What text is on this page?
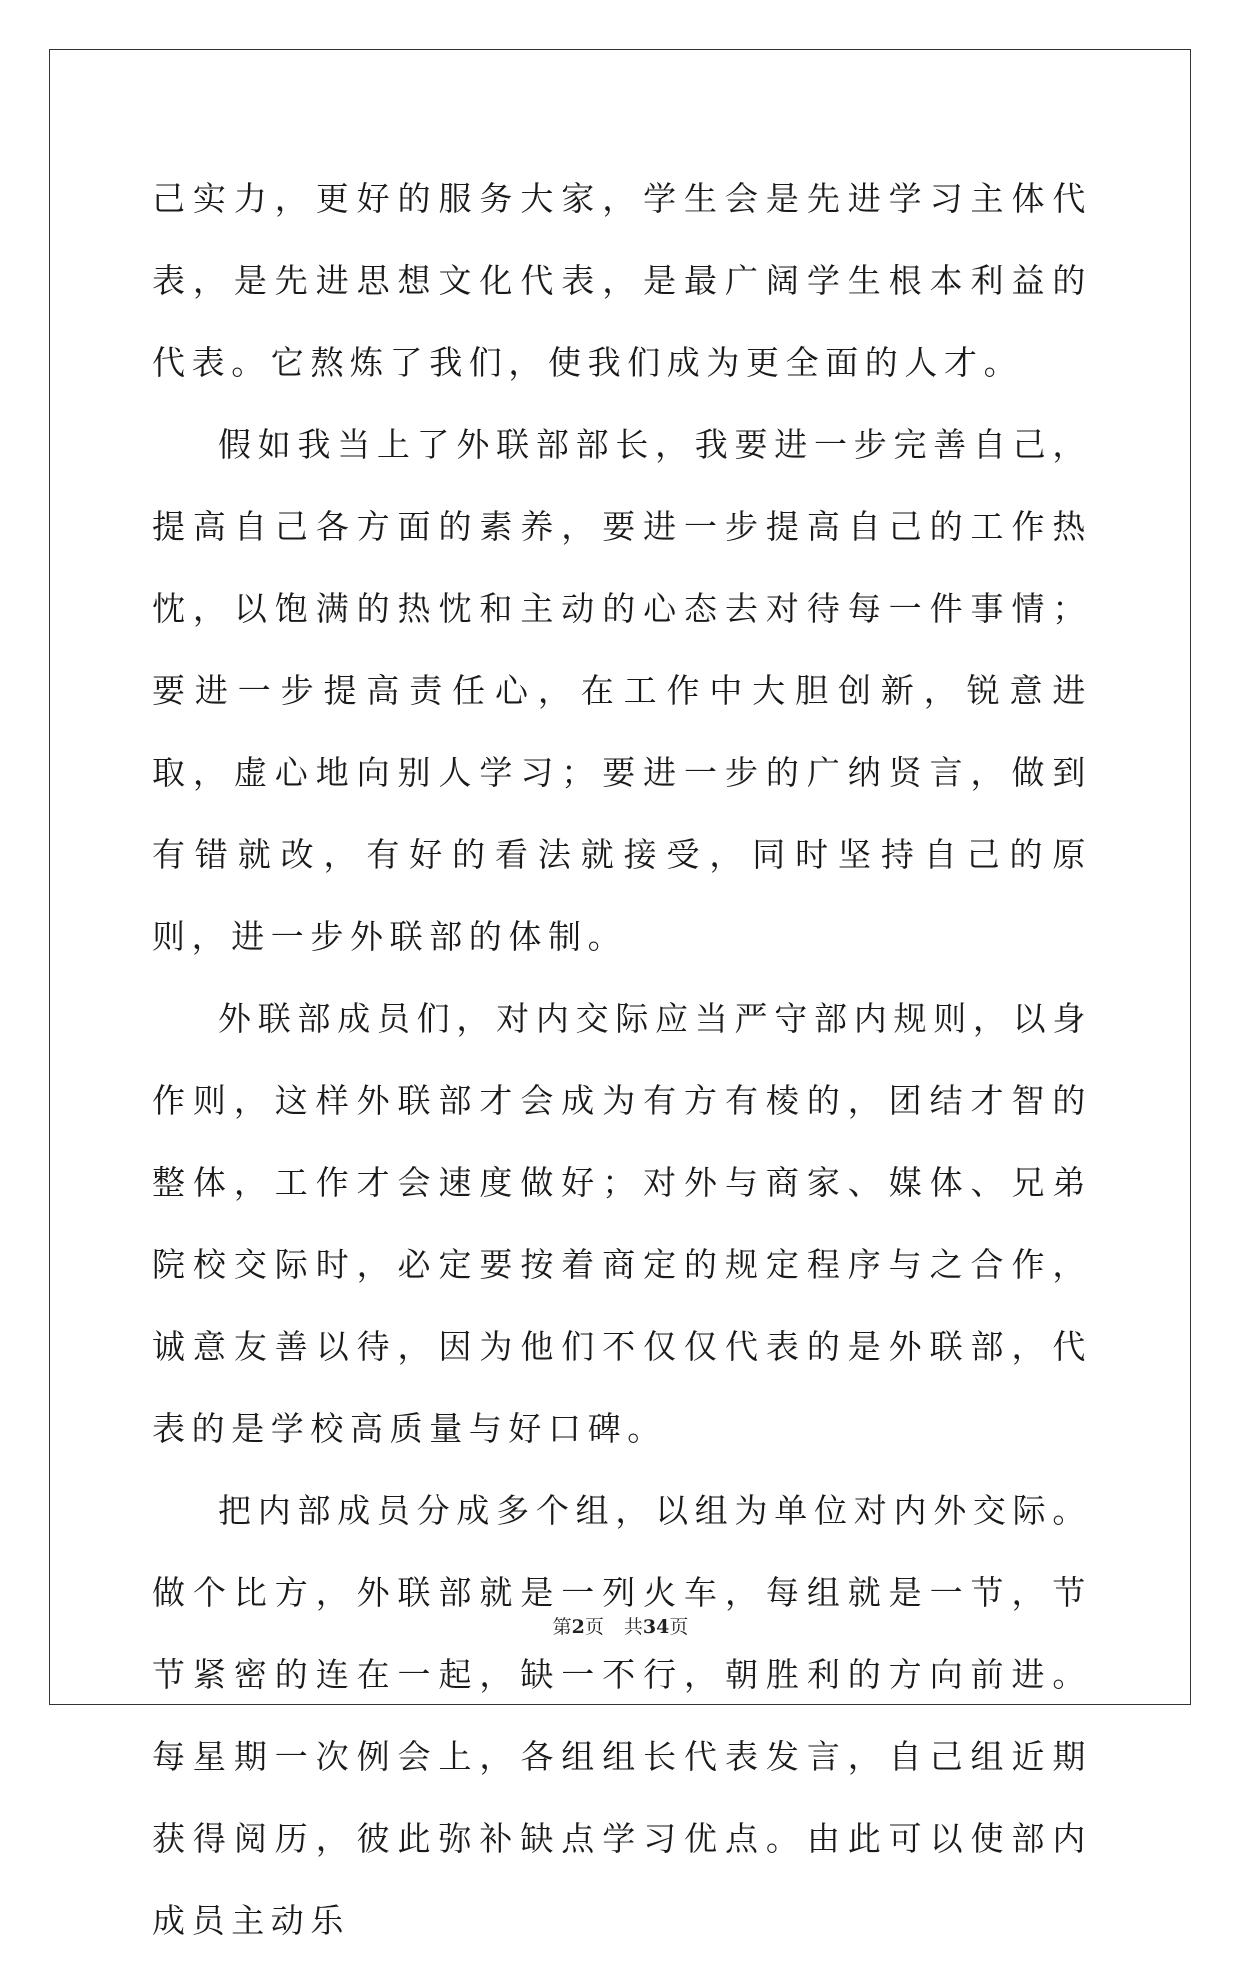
己实力，更好的服务大家，学生会是先进学习主体代表，是先进思想文化代表，是最广阔学生根本利益的代表。它熬炼了我们，使我们成为更全面的人才。

假如我当上了外联部部长，我要进一步完善自己，提高自己各方面的素养，要进一步提高自己的工作热忱，以饱满的热忱和主动的心态去对待每一件事情；要进一步提高责任心，在工作中大胆创新，锐意进取，虚心地向别人学习；要进一步的广纳贤言，做到有错就改，有好的看法就接受，同时坚持自己的原则，进一步外联部的体制。

外联部成员们，对内交际应当严守部内规则，以身作则，这样外联部才会成为有方有棱的，团结才智的整体，工作才会速度做好；对外与商家、媒体、兄弟院校交际时，必定要按着商定的规定程序与之合作，诚意友善以待，因为他们不仅仅代表的是外联部，代表的是学校高质量与好口碑。

把内部成员分成多个组，以组为单位对内外交际。做个比方，外联部就是一列火车，每组就是一节，节节紧密的连在一起，缺一不行，朝胜利的方向前进。每星期一次例会上，各组组长代表发言，自己组近期获得阅历，彼此弥补缺点学习优点。由此可以使部内成员主动乐

第2页 共34页
